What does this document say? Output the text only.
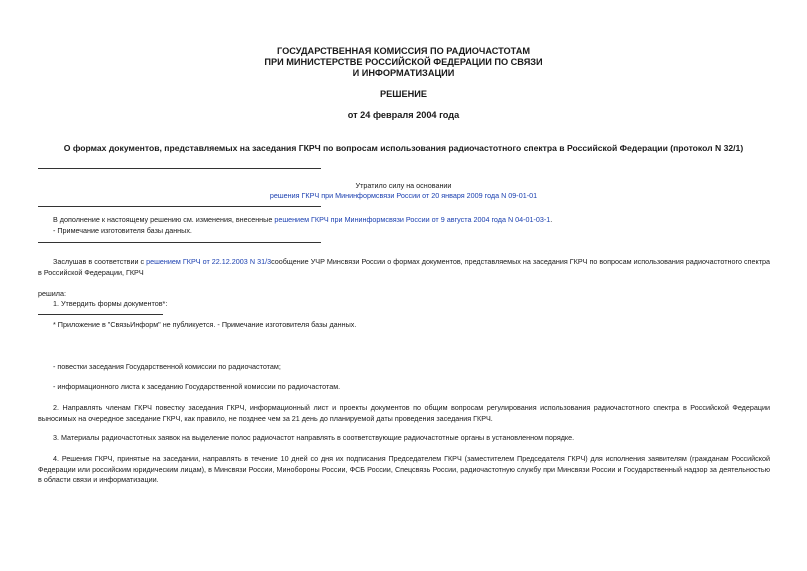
ГОСУДАРСТВЕННАЯ КОМИССИЯ ПО РАДИОЧАСТОТАМ
ПРИ МИНИСТЕРСТВЕ РОССИЙСКОЙ ФЕДЕРАЦИИ ПО СВЯЗИ
И ИНФОРМАТИЗАЦИИ
РЕШЕНИЕ
от 24 февраля 2004 года
О формах документов, представляемых на заседания ГКРЧ по вопросам использования радиочастотного спектра в Российской Федерации (протокол N 32/1)
Утратило силу на основании
решения ГКРЧ при Мининформсвязи России от 20 января 2009 года N 09-01-01
В дополнение к настоящему решению см. изменения, внесенные решением ГКРЧ при Мининформсвязи России от 9 августа 2004 года N 04-01-03-1.
- Примечание изготовителя базы данных.
Заслушав в соответствии с решением ГКРЧ от 22.12.2003 N 31/3сообщение УЧР Минсвязи России о формах документов, представляемых на заседания ГКРЧ по вопросам использования радиочастотного спектра в Российской Федерации, ГКРЧ
решила:
1. Утвердить формы документов*:
* Приложение в "СвязьИнформ" не публикуется. - Примечание изготовителя базы данных.
- повестки заседания Государственной комиссии по радиочастотам;
- информационного листа к заседанию Государственной комиссии по радиочастотам.
2. Направлять членам ГКРЧ повестку заседания ГКРЧ, информационный лист и проекты документов по общим вопросам регулирования использования радиочастотного спектра в Российской Федерации выносимых на очередное заседание ГКРЧ, как правило, не позднее чем за 21 день до планируемой даты проведения заседания ГКРЧ.
3. Материалы радиочастотных заявок на выделение полос радиочастот направлять в соответствующие радиочастотные органы в установленном порядке.
4. Решения ГКРЧ, принятые на заседании, направлять в течение 10 дней со дня их подписания Председателем ГКРЧ (заместителем Председателя ГКРЧ) для исполнения заявителям (гражданам Российской Федерации или российским юридическим лицам), в Минсвязи России, Минобороны России, ФСБ России, Спецсвязь России, радиочастотную службу при Минсвязи России и Государственный надзор за деятельностью в области связи и информатизации.
